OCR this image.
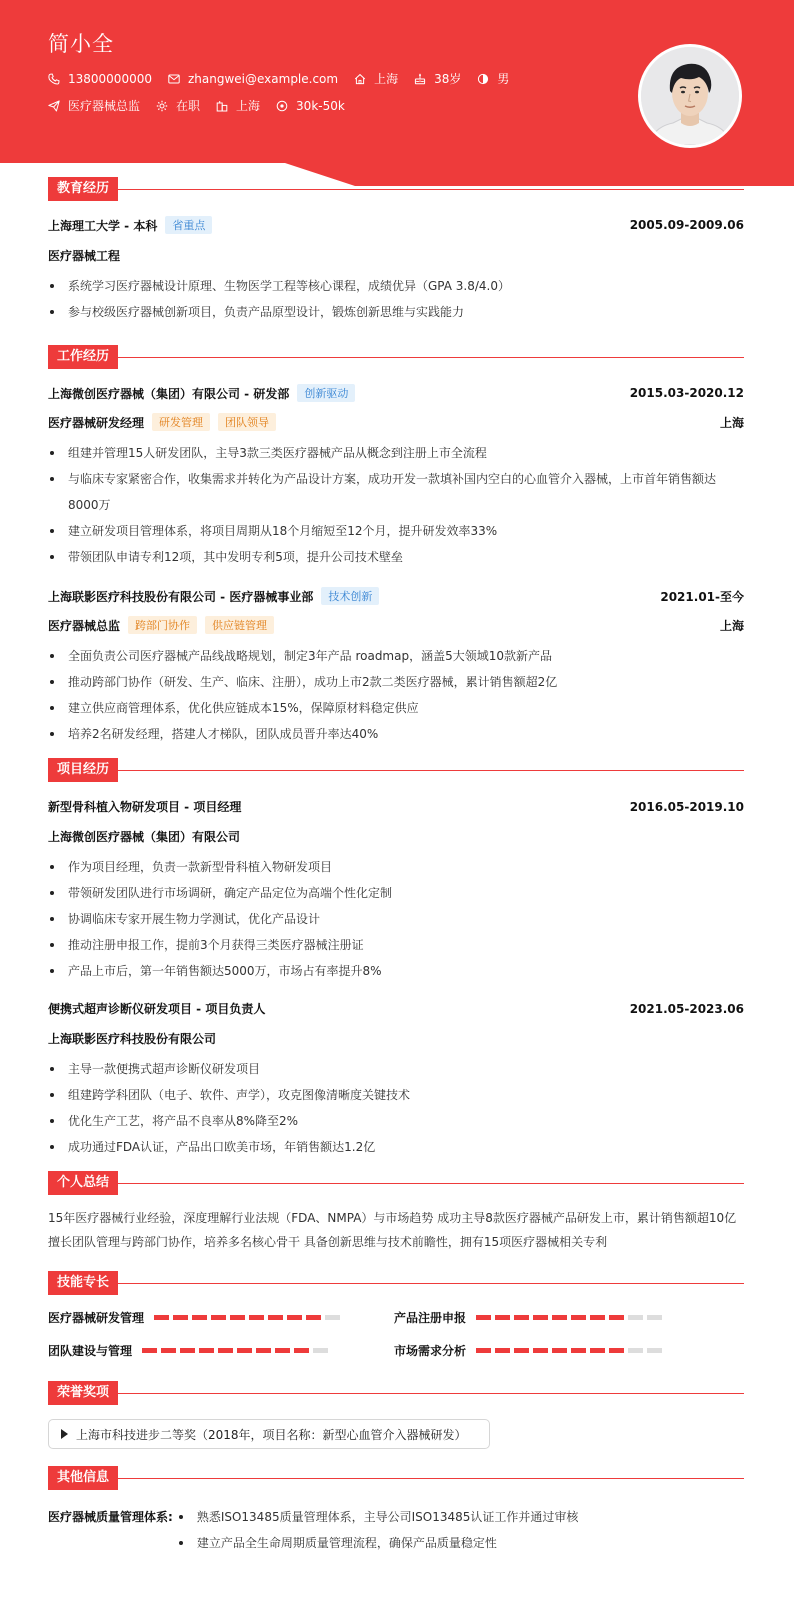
简小全
13800000000	zhangwei@example.com	上海	38岁	男
医疗器械总监	在职	上海	30k-50k
教育经历
上海理工大学 - 本科	省重点	2005.09-2009.06
医疗器械工程
系统学习医疗器械设计原理、生物医学工程等核心课程，成绩优异（GPA 3.8/4.0）
参与校级医疗器械创新项目，负责产品原型设计，锻炼创新思维与实践能力
工作经历
上海微创医疗器械（集团）有限公司 - 研发部	创新驱动	2015.03-2020.12
医疗器械研发经理	研发管理	团队领导	上海
组建并管理15人研发团队，主导3款三类医疗器械产品从概念到注册上市全流程
与临床专家紧密合作，收集需求并转化为产品设计方案，成功开发一款填补国内空白的心血管介入器械，上市首年销售额达
8000万
建立研发项目管理体系，将项目周期从18个月缩短至12个月，提升研发效率33%
带领团队申请专利12项，其中发明专利5项，提升公司技术壁垒
上海联影医疗科技股份有限公司 - 医疗器械事业部	技术创新	2021.01-至今
医疗器械总监	跨部门协作	供应链管理	上海
全面负责公司医疗器械产品线战略规划，制定3年产品 roadmap，涵盖5大领域10款新产品
推动跨部门协作（研发、生产、临床、注册），成功上市2款二类医疗器械，累计销售额超2亿
建立供应商管理体系，优化供应链成本15%，保障原材料稳定供应
培养2名研发经理，搭建人才梯队，团队成员晋升率达40%
项目经历
新型骨科植入物研发项目 - 项目经理	2016.05-2019.10
上海微创医疗器械（集团）有限公司
作为项目经理，负责一款新型骨科植入物研发项目
带领研发团队进行市场调研，确定产品定位为高端个性化定制
协调临床专家开展生物力学测试，优化产品设计
推动注册申报工作，提前3个月获得三类医疗器械注册证
产品上市后，第一年销售额达5000万，市场占有率提升8%
便携式超声诊断仪研发项目 - 项目负责人	2021.05-2023.06
上海联影医疗科技股份有限公司
主导一款便携式超声诊断仪研发项目
组建跨学科团队（电子、软件、声学），攻克图像清晰度关键技术
优化生产工艺，将产品不良率从8%降至2%
成功通过FDA认证，产品出口欧美市场，年销售额达1.2亿
个人总结
15年医疗器械行业经验，深度理解行业法规（FDA、NMPA）与市场趋势 成功主导8款医疗器械产品研发上市，累计销售额超10亿
擅长团队管理与跨部门协作，培养多名核心骨干 具备创新思维与技术前瞻性，拥有15项医疗器械相关专利
技能专长
医疗器械研发管理	产品注册申报
团队建设与管理	市场需求分析
荣誉奖项
上海市科技进步二等奖（2018年，项目名称：新型心血管介入器械研发）
其他信息
医疗器械质量管理体系:	熟悉ISO13485质量管理体系，主导公司ISO13485认证工作并通过审核
建立产品全生命周期质量管理流程，确保产品质量稳定性
